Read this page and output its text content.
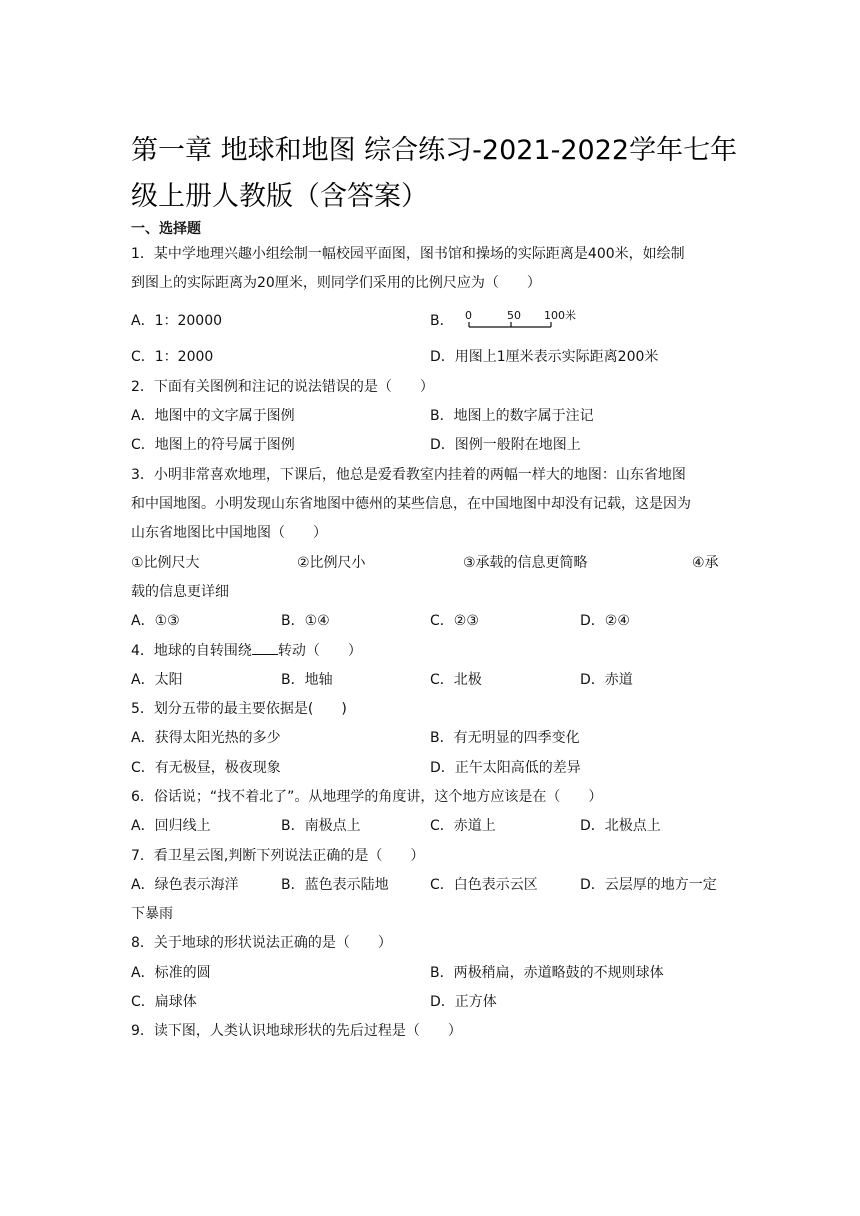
第一章 地球和地图 综合练习-2021-2022学年七年级上册人教版（含答案）
一、选择题
1．某中学地理兴趣小组绘制一幅校园平面图，图书馆和操场的实际距离是400米，如绘制
到图上的实际距离为20厘米，则同学们采用的比例尺应为（　　）
A．1：20000	B． 0	50 100米
C．1：2000	D．用图上1厘米表示实际距离200米
2．下面有关图例和注记的说法错误的是（　　）
A．地图中的文字属于图例	B．地图上的数字属于注记
C．地图上的符号属于图例	D．图例一般附在地图上
3．小明非常喜欢地理，下课后，他总是爱看教室内挂着的两幅一样大的地图：山东省地图
和中国地图。小明发现山东省地图中德州的某些信息，在中国地图中却没有记载，这是因为
山东省地图比中国地图（　　）
①比例尺大	②比例尺小	③承载的信息更简略	④承
载的信息更详细
A．①③	B．①④	C．②③	D．②④
4．地球的自转围绕 转动（　　）
A．太阳	B．地轴	C．北极	D．赤道
5．划分五带的最主要依据是(　　)
A．获得太阳光热的多少	B．有无明显的四季变化
C．有无极昼，极夜现象	D．正午太阳高低的差异
6．俗话说；“找不着北了”。从地理学的角度讲，这个地方应该是在（　　）
A．回归线上	B．南极点上	C．赤道上	D．北极点上
7．看卫星云图,判断下列说法正确的是（　　）
A．绿色表示海洋	B．蓝色表示陆地	C．白色表示云区	D．云层厚的地方一定
下暴雨
8．关于地球的形状说法正确的是（　　）
A．标准的圆	B．两极稍扁，赤道略鼓的不规则球体
C．扁球体	D．正方体
9．读下图，人类认识地球形状的先后过程是（　　）
